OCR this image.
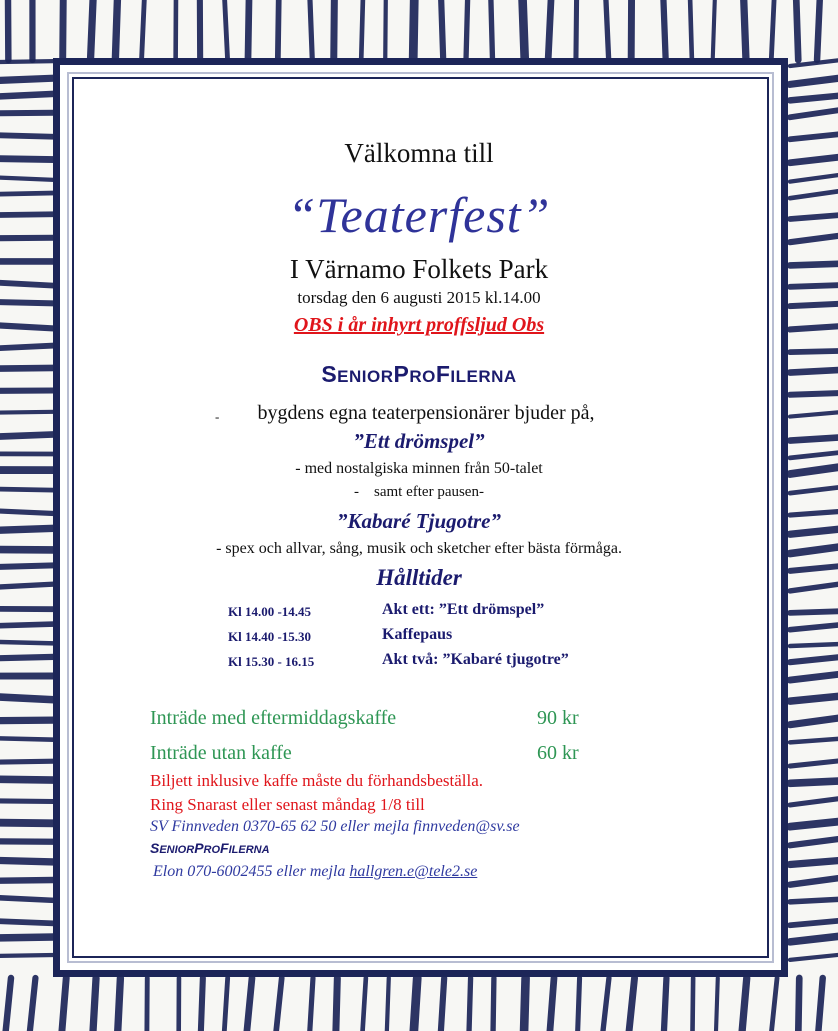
Välkomna till
“Teaterfest”
I Värnamo Folkets Park
torsdag den 6 augusti 2015 kl.14.00
OBS i år inhyrt proffsljud Obs
SENIORPROFILERNA
-	bygdens egna teaterpensionärer bjuder på,
”Ett drömspel”
- med nostalgiska minnen från 50-talet
-    samt efter pausen-
”Kabaré Tjugotre”
- spex och allvar, sång, musik och sketcher efter bästa förmåga.
Hålltider
Kl 14.00 -14.45	Akt ett: ”Ett drömspel”
Kl 14.40 -15.30	Kaffepaus
Kl 15.30 - 16.15	Akt två: ”Kabaré tjugotre”
Inträde med eftermiddagskaffe	90 kr
Inträde utan kaffe	60 kr
Biljett inklusive kaffe måste du förhandsbeställa.
Ring Snarast eller senast måndag 1/8 till
SV Finnveden 0370-65 62 50 eller mejla finnveden@sv.se
SENIORPROFILERNA
Elon 070-6002455 eller mejla hallgren.e@tele2.se
